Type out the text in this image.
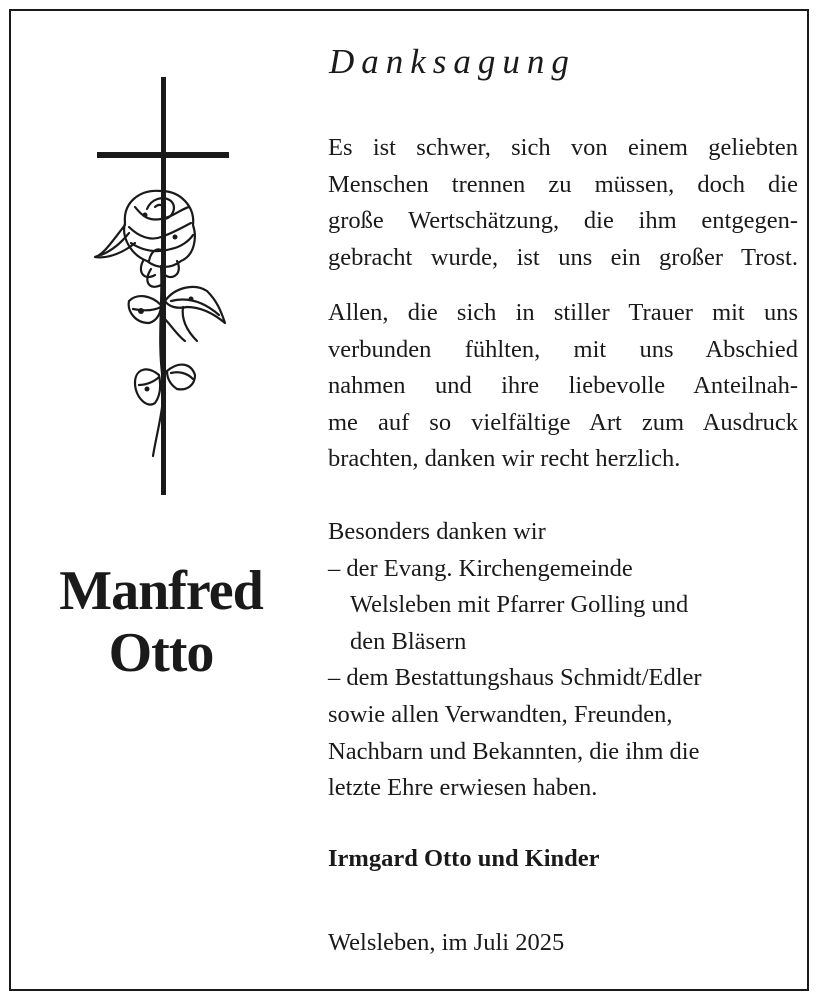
Manfred
Otto
Danksagung
Es ist schwer, sich von einem geliebten
Menschen trennen zu müssen, doch die
große Wertschätzung, die ihm entgegen-
gebracht wurde, ist uns ein großer Trost.
Allen, die sich in stiller Trauer mit uns
verbunden fühlten, mit uns Abschied
nahmen und ihre liebevolle Anteilnah-
me auf so vielfältige Art zum Ausdruck
brachten, danken wir recht herzlich.
Besonders danken wir
– der Evang. Kirchengemeinde
Welsleben mit Pfarrer Golling und
den Bläsern
– dem Bestattungshaus Schmidt/Edler
sowie allen Verwandten, Freunden,
Nachbarn und Bekannten, die ihm die
letzte Ehre erwiesen haben.
Irmgard Otto und Kinder
Welsleben, im Juli 2025
